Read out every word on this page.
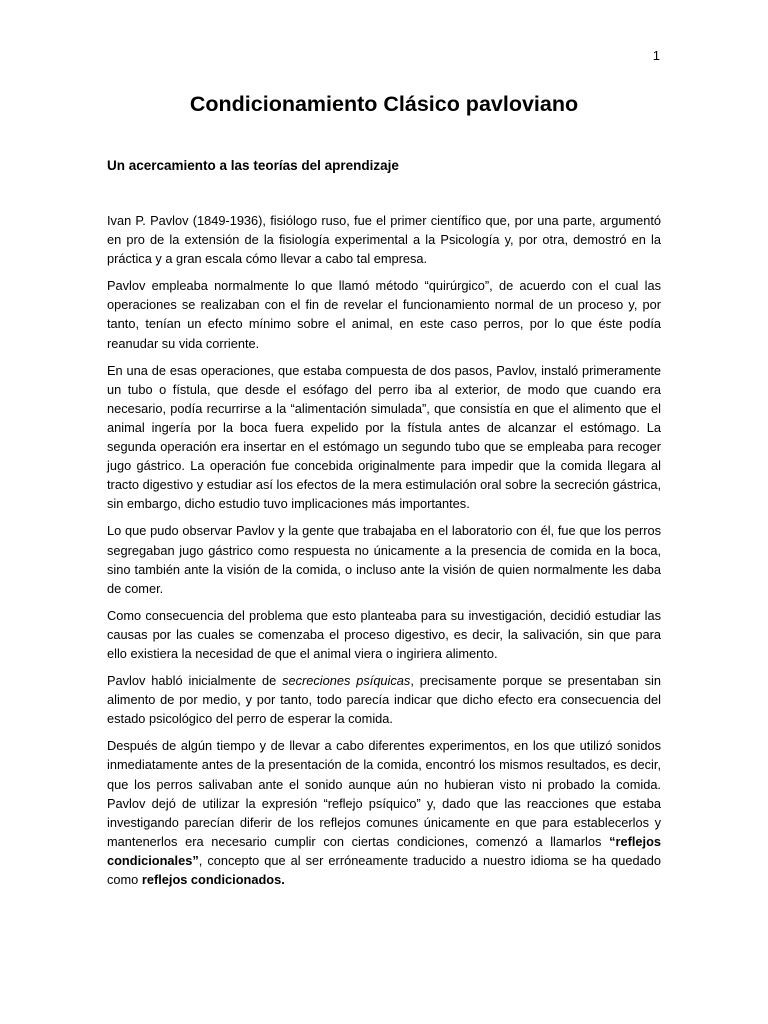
1
Condicionamiento Clásico pavloviano
Un acercamiento a las teorías del aprendizaje

Ivan P. Pavlov (1849-1936), fisiólogo ruso, fue el primer científico que, por una parte, argumentó en pro de la extensión de la fisiología experimental a la Psicología y, por otra, demostró en la práctica y a gran escala cómo llevar a cabo tal empresa.

Pavlov empleaba normalmente lo que llamó método “quirúrgico”, de acuerdo con el cual las operaciones se realizaban con el fin de revelar el funcionamiento normal de un proceso y, por tanto, tenían un efecto mínimo sobre el animal, en este caso perros, por lo que éste podía reanudar su vida corriente.

En una de esas operaciones, que estaba compuesta de dos pasos, Pavlov, instaló primeramente un tubo o fístula, que desde el esófago del perro iba al exterior, de modo que cuando era necesario, podía recurrirse a la “alimentación simulada”, que consistía en que el alimento que el animal ingería por la boca fuera expelido por la fístula antes de alcanzar el estómago. La segunda operación era insertar en el estómago un segundo tubo que se empleaba para recoger jugo gástrico. La operación fue concebida originalmente para impedir que la comida llegara al tracto digestivo y estudiar así los efectos de la mera estimulación oral sobre la secreción gástrica, sin embargo, dicho estudio tuvo implicaciones más importantes.

Lo que pudo observar Pavlov y la gente que trabajaba en el laboratorio con él, fue que los perros segregaban jugo gástrico como respuesta no únicamente a la presencia de comida en la boca, sino también ante la visión de la comida, o incluso ante la visión de quien normalmente les daba de comer.

Como consecuencia del problema que esto planteaba para su investigación, decidió estudiar las causas por las cuales se comenzaba el proceso digestivo, es decir, la salivación, sin que para ello existiera la necesidad de que el animal viera o ingiriera alimento.

Pavlov habló inicialmente de secreciones psíquicas, precisamente porque se presentaban sin alimento de por medio, y por tanto, todo parecía indicar que dicho efecto era consecuencia del estado psicológico del perro de esperar la comida.

Después de algún tiempo y de llevar a cabo diferentes experimentos, en los que utilizó sonidos inmediatamente antes de la presentación de la comida, encontró los mismos resultados, es decir, que los perros salivaban ante el sonido aunque aún no hubieran visto ni probado la comida. Pavlov dejó de utilizar la expresión “reflejo psíquico” y, dado que las reacciones que estaba investigando parecían diferir de los reflejos comunes únicamente en que para establecerlos y mantenerlos era necesario cumplir con ciertas condiciones, comenzó a llamarlos “reflejos condicionales”, concepto que al ser erróneamente traducido a nuestro idioma se ha quedado como reflejos condicionados.
